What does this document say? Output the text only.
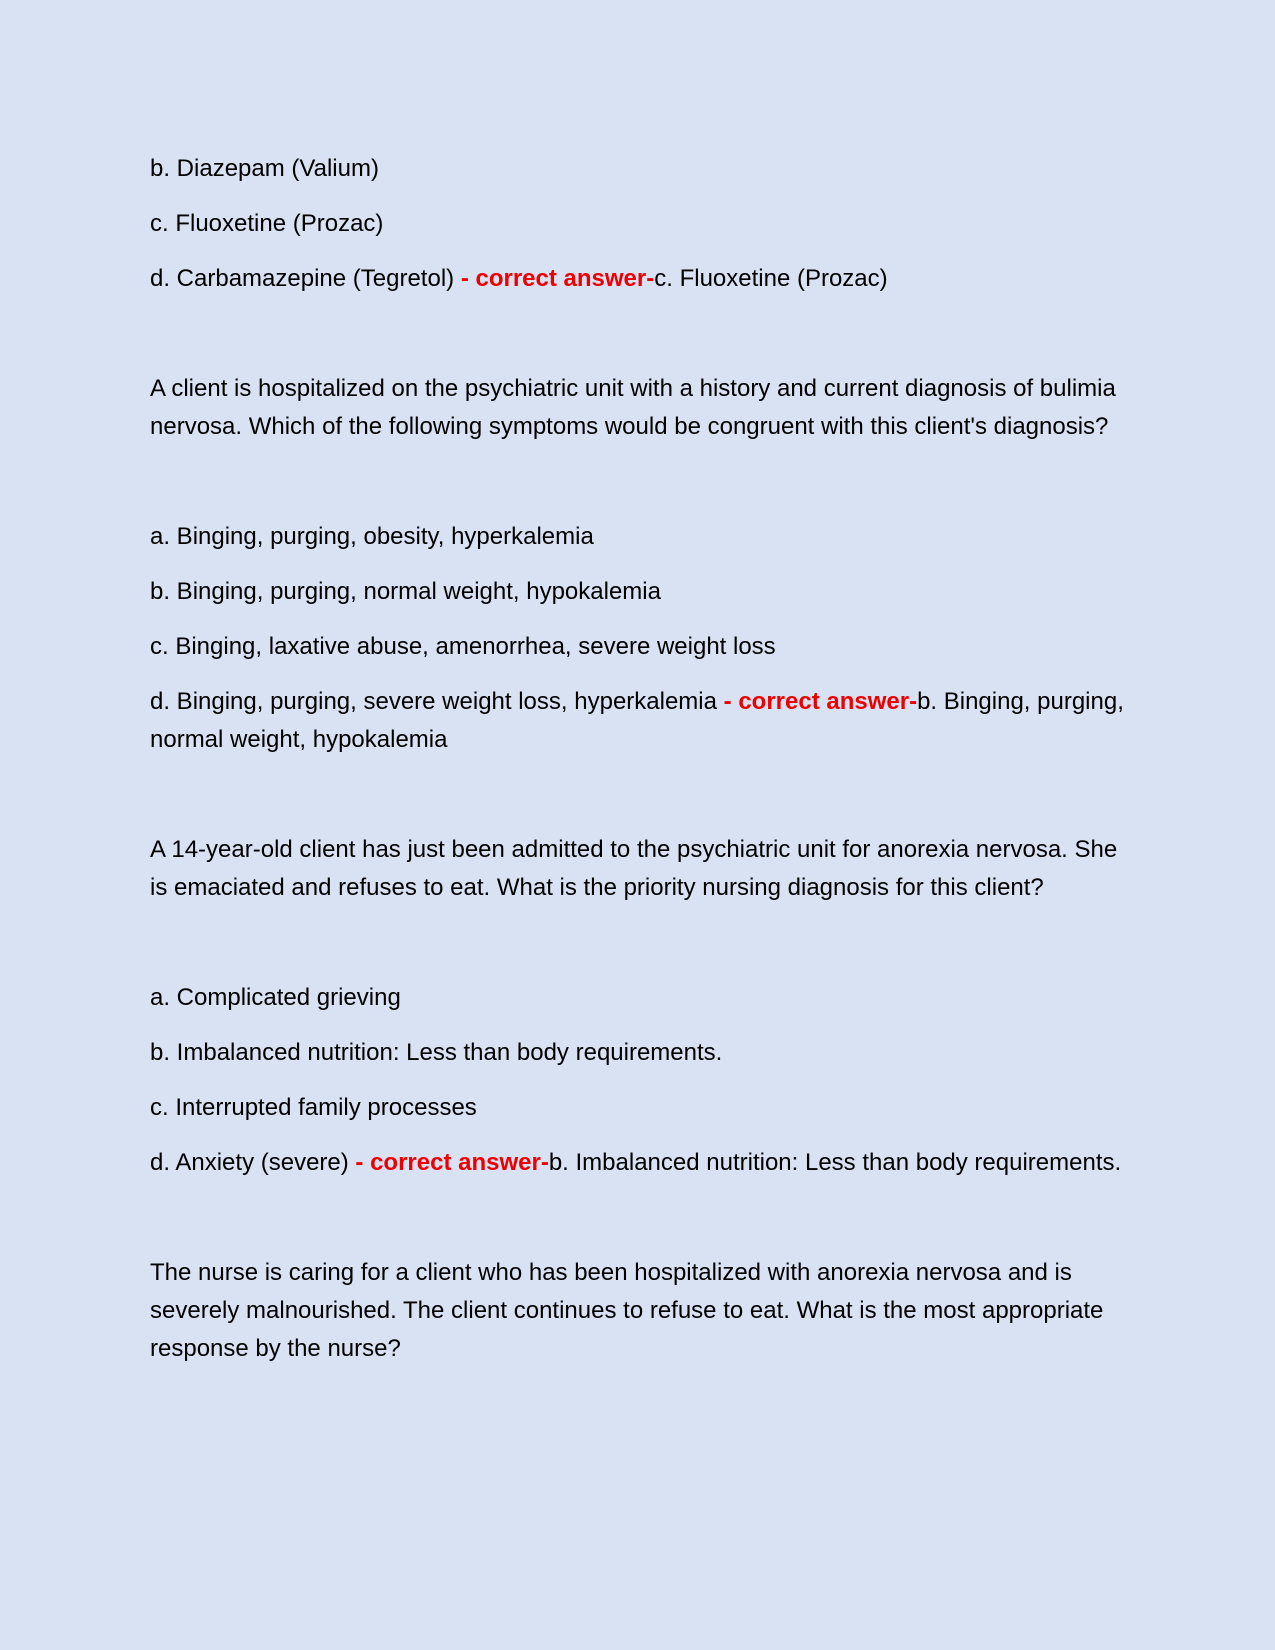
b. Diazepam (Valium)

c. Fluoxetine (Prozac)

d. Carbamazepine (Tegretol) - correct answer-c. Fluoxetine (Prozac)

A client is hospitalized on the psychiatric unit with a history and current diagnosis of bulimia nervosa. Which of the following symptoms would be congruent with this client's diagnosis?

a. Binging, purging, obesity, hyperkalemia

b. Binging, purging, normal weight, hypokalemia

c. Binging, laxative abuse, amenorrhea, severe weight loss

d. Binging, purging, severe weight loss, hyperkalemia - correct answer-b. Binging, purging, normal weight, hypokalemia

A 14-year-old client has just been admitted to the psychiatric unit for anorexia nervosa. She is emaciated and refuses to eat. What is the priority nursing diagnosis for this client?

a. Complicated grieving

b. Imbalanced nutrition: Less than body requirements.

c. Interrupted family processes

d. Anxiety (severe) - correct answer-b. Imbalanced nutrition: Less than body requirements.

The nurse is caring for a client who has been hospitalized with anorexia nervosa and is severely malnourished. The client continues to refuse to eat. What is the most appropriate response by the nurse?
